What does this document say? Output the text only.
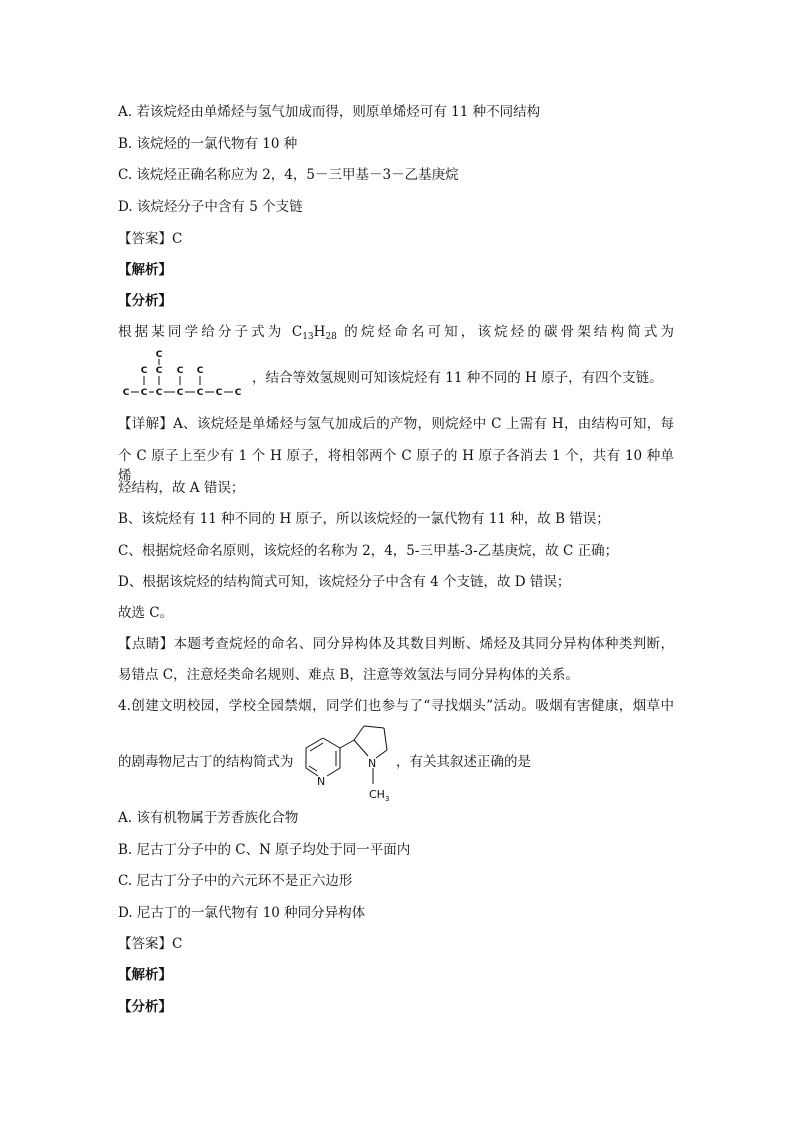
A. 若该烷烃由单烯烃与氢气加成而得，则原单烯烃可有 11 种不同结构
B. 该烷烃的一氯代物有 10 种
C. 该烷烃正确名称应为 2，4，5－三甲基－3－乙基庚烷
D. 该烷烃分子中含有 5 个支链
【答案】C
【解析】
【分析】
根据某同学给分子式为 $C_{13}H_{28}$ 的烷烃命名可知，该烷烃的碳骨架结构简式为
C
C C C C
C C C C C C C
，结合等效氢规则可知该烷烃有 11 种不同的 H 原子，有四个支链。
【详解】A、该烷烃是单烯烃与氢气加成后的产物，则烷烃中 C 上需有 H，由结构可知，每
个 C 原子上至少有 1 个 H 原子，将相邻两个 C 原子的 H 原子各消去 1 个，共有 10 种单烯
烃结构，故 A 错误；
B、该烷烃有 11 种不同的 H 原子，所以该烷烃的一氯代物有 11 种，故 B 错误；
C、根据烷烃命名原则，该烷烃的名称为 2，4，5-三甲基-3-乙基庚烷，故 C 正确；
D、根据该烷烃的结构简式可知，该烷烃分子中含有 4 个支链，故 D 错误；
故选 C。
【点睛】本题考查烷烃的命名、同分异构体及其数目判断、烯烃及其同分异构体种类判断，
易错点 C，注意烃类命名规则、难点 B，注意等效氢法与同分异构体的关系。
4.创建文明校园，学校全园禁烟，同学们也参与了“寻找烟头”活动。吸烟有害健康，烟草中
的剧毒物尼古丁的结构简式为
N
N
CH 3
，有关其叙述正确的是
A. 该有机物属于芳香族化合物
B. 尼古丁分子中的 C、N 原子均处于同一平面内
C. 尼古丁分子中的六元环不是正六边形
D. 尼古丁的一氯代物有 10 种同分异构体
【答案】C
【解析】
【分析】
